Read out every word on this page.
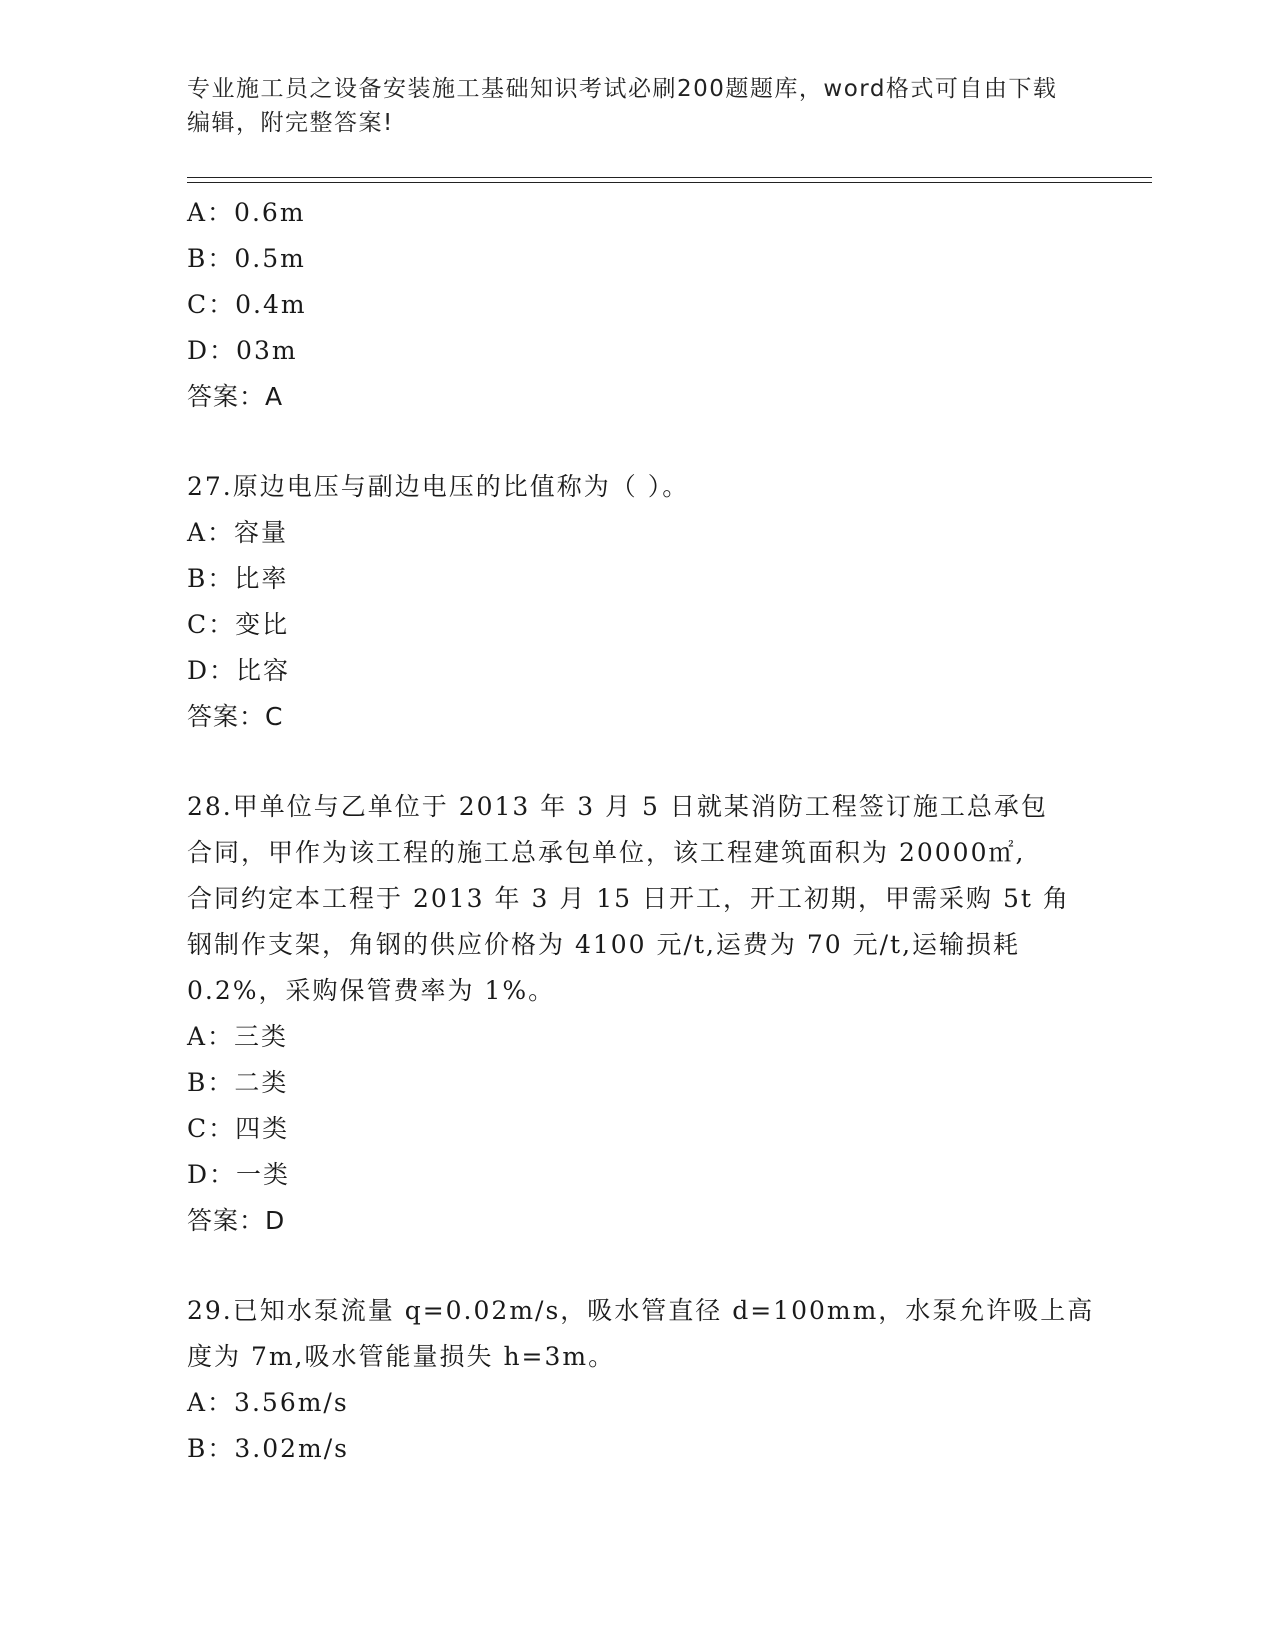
专业施工员之设备安装施工基础知识考试必刷200题题库，word格式可自由下载
编辑，附完整答案!
A：0.6m
B：0.5m
C：0.4m
D：03m
答案：A
27.原边电压与副边电压的比值称为（ ）。
A：容量
B：比率
C：变比
D：比容
答案：C
28.甲单位与乙单位于 2013 年 3 月 5 日就某消防工程签订施工总承包
合同，甲作为该工程的施工总承包单位，该工程建筑面积为 20000㎡,
合同约定本工程于 2013 年 3 月 15 日开工，开工初期，甲需采购 5t 角
钢制作支架，角钢的供应价格为 4100 元/t,运费为 70 元/t,运输损耗
0.2%，采购保管费率为 1%。
A：三类
B：二类
C：四类
D：一类
答案：D
29.已知水泵流量 q=0.02m/s，吸水管直径 d=100mm，水泵允许吸上高
度为 7m,吸水管能量损失 h=3m。
A：3.56m/s
B：3.02m/s
